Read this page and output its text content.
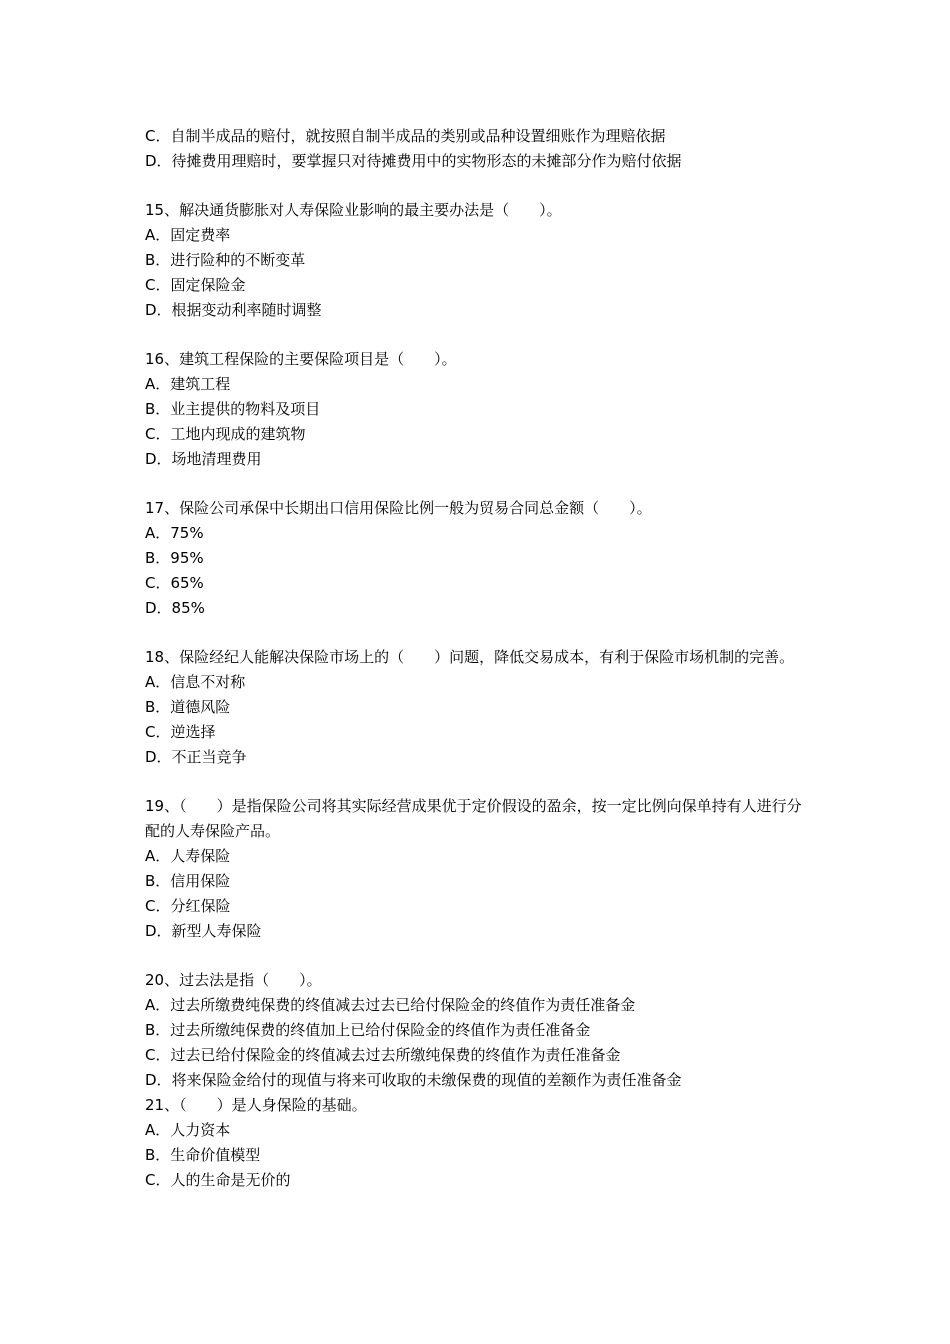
C．自制半成品的赔付，就按照自制半成品的类别或品种设置细账作为理赔依据
D．待摊费用理赔时，要掌握只对待摊费用中的实物形态的未摊部分作为赔付依据
15、解决通货膨胀对人寿保险业影响的最主要办法是（　　）。
A．固定费率
B．进行险种的不断变革
C．固定保险金
D．根据变动利率随时调整
16、建筑工程保险的主要保险项目是（　　）。
A．建筑工程
B．业主提供的物料及项目
C．工地内现成的建筑物
D．场地清理费用
17、保险公司承保中长期出口信用保险比例一般为贸易合同总金额（　　）。
A．75%
B．95%
C．65%
D．85%
18、保险经纪人能解决保险市场上的（　　）问题，降低交易成本，有利于保险市场机制的完善。
A．信息不对称
B．道德风险
C．逆选择
D．不正当竞争
19、（　　）是指保险公司将其实际经营成果优于定价假设的盈余，按一定比例向保单持有人进行分配的人寿保险产品。
A．人寿保险
B．信用保险
C．分红保险
D．新型人寿保险
20、过去法是指（　　）。
A．过去所缴费纯保费的终值减去过去已给付保险金的终值作为责任准备金
B．过去所缴纯保费的终值加上已给付保险金的终值作为责任准备金
C．过去已给付保险金的终值减去过去所缴纯保费的终值作为责任准备金
D．将来保险金给付的现值与将来可收取的未缴保费的现值的差额作为责任准备金
21、（　　）是人身保险的基础。
A．人力资本
B．生命价值模型
C．人的生命是无价的
